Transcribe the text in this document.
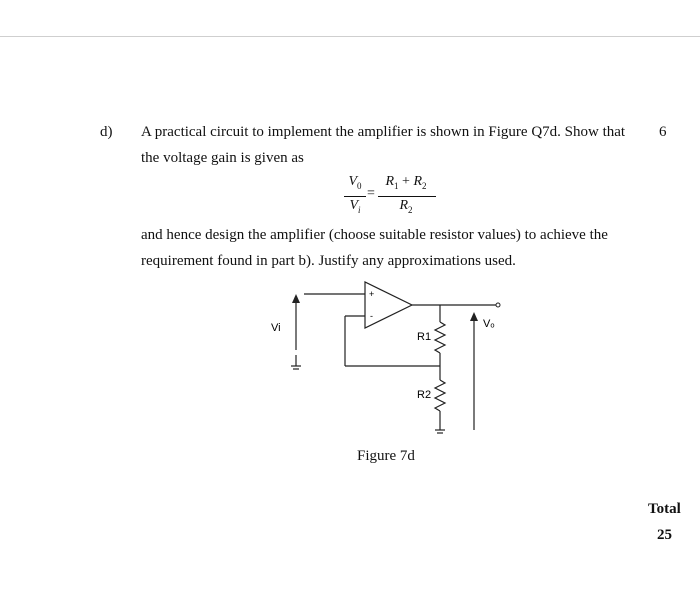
d)	6
A practical circuit to implement the amplifier is shown in Figure Q7d. Show that
the voltage gain is given as
$V_0$
$V_i$
=
$R_1 + R_2$
$R_2$
and hence design the amplifier (choose suitable resistor values) to achieve the
requirement found in part b). Justify any approximations used.
+
-
Vi	Vₒ
R1
R2
Figure 7d
Total
25
